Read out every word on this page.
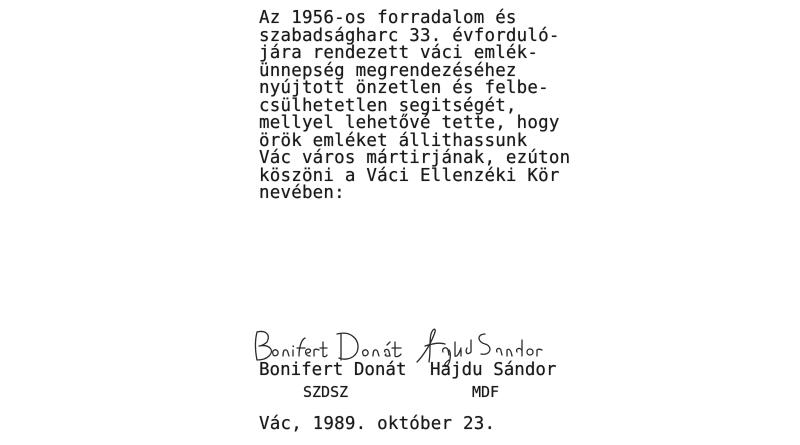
Az 1956-os forradalom és
szabadságharc 33. évforduló-
jára rendezett váci emlék-
ünnepség megrendezéséhez
nyújtott önzetlen és felbe-
csülhetetlen segitségét,
mellyel lehetővé tette, hogy
örök emléket állithassunk
Vác város mártirjának, ezúton
köszöni a Váci Ellenzéki Kör
nevében:
Bonifert Donát
SZDSZ
Hajdu Sándor
MDF
Vác, 1989. október 23.
